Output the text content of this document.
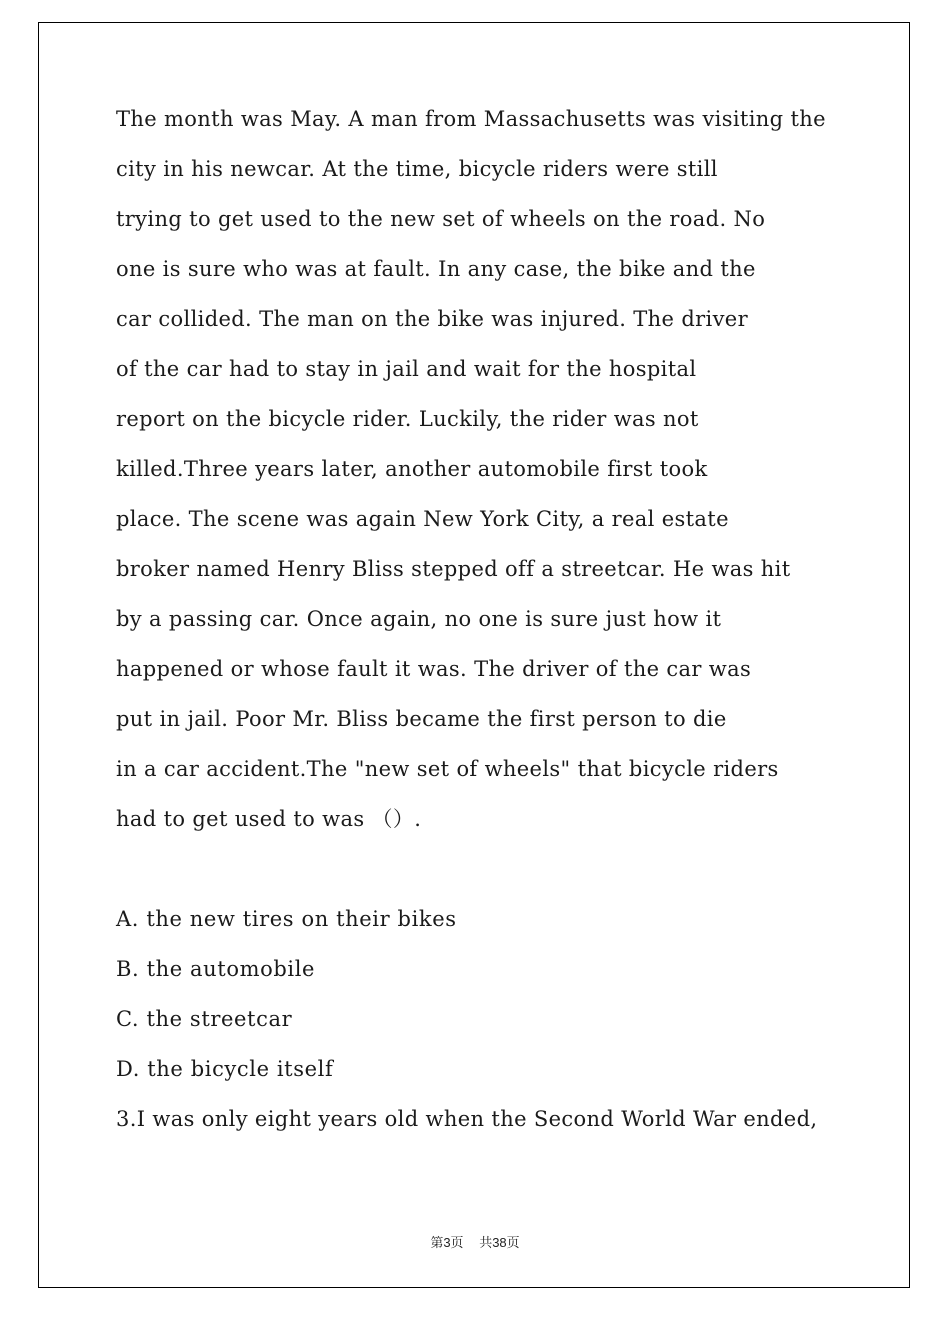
The month was May. A man from Massachusetts was visiting the
city in his newcar. At the time, bicycle riders were still
trying to get used to the new set of wheels on the road. No
one is sure who was at fault. In any case, the bike and the
car collided. The man on the bike was injured. The driver
of the car had to stay in jail and wait for the hospital
report on the bicycle rider. Luckily, the rider was not
killed.Three years later, another automobile first took
place. The scene was again New York City, a real estate
broker named Henry Bliss stepped off a streetcar. He was hit
by a passing car. Once again, no one is sure just how it
happened or whose fault it was. The driver of the car was
put in jail. Poor Mr. Bliss became the first person to die
in a car accident.The "new set of wheels" that bicycle riders
had to get used to was （）.
A. the new tires on their bikes
B. the automobile
C. the streetcar
D. the bicycle itself
3.I was only eight years old when the Second World War ended,
第3页 共38页
